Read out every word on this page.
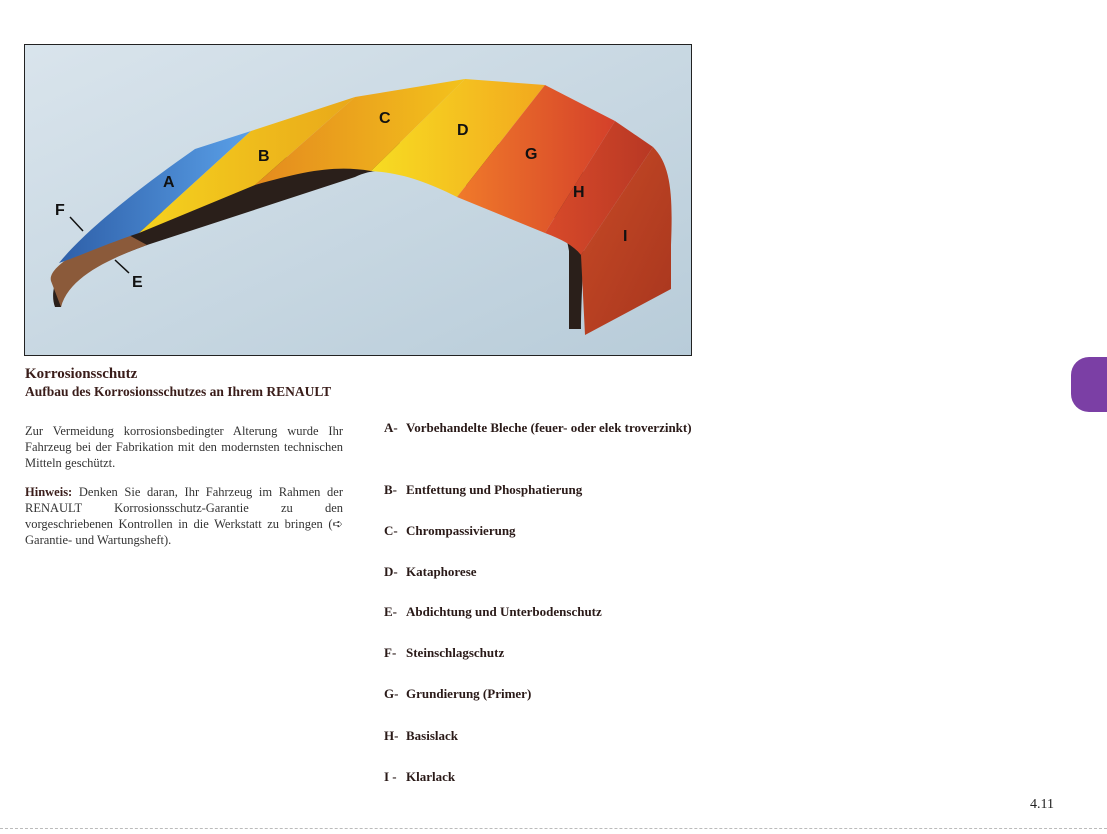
A
B
C
D
E
F
G
H
I
Korrosionsschutz
Aufbau des Korrosionsschutzes an Ihrem RENAULT

Zur Vermeidung korrosionsbedingter Alterung wurde Ihr Fahrzeug bei der Fabrikation mit den modernsten technischen Mitteln geschützt.

Hinweis: Denken Sie daran, Ihr Fahrzeug im Rahmen der RENAULT Korrosionsschutz-Garantie zu den vorgeschriebenen Kontrollen in die Werkstatt zu bringen (➪ Garantie- und Wartungsheft).

A- Vorbehandelte Bleche (feuer- oder elek troverzinkt)
B- Entfettung und Phosphatierung
C- Chrompassivierung
D- Kataphorese
E- Abdichtung und Unterbodenschutz
F- Steinschlagschutz
G- Grundierung (Primer)
H- Basislack
I - Klarlack
4.11
